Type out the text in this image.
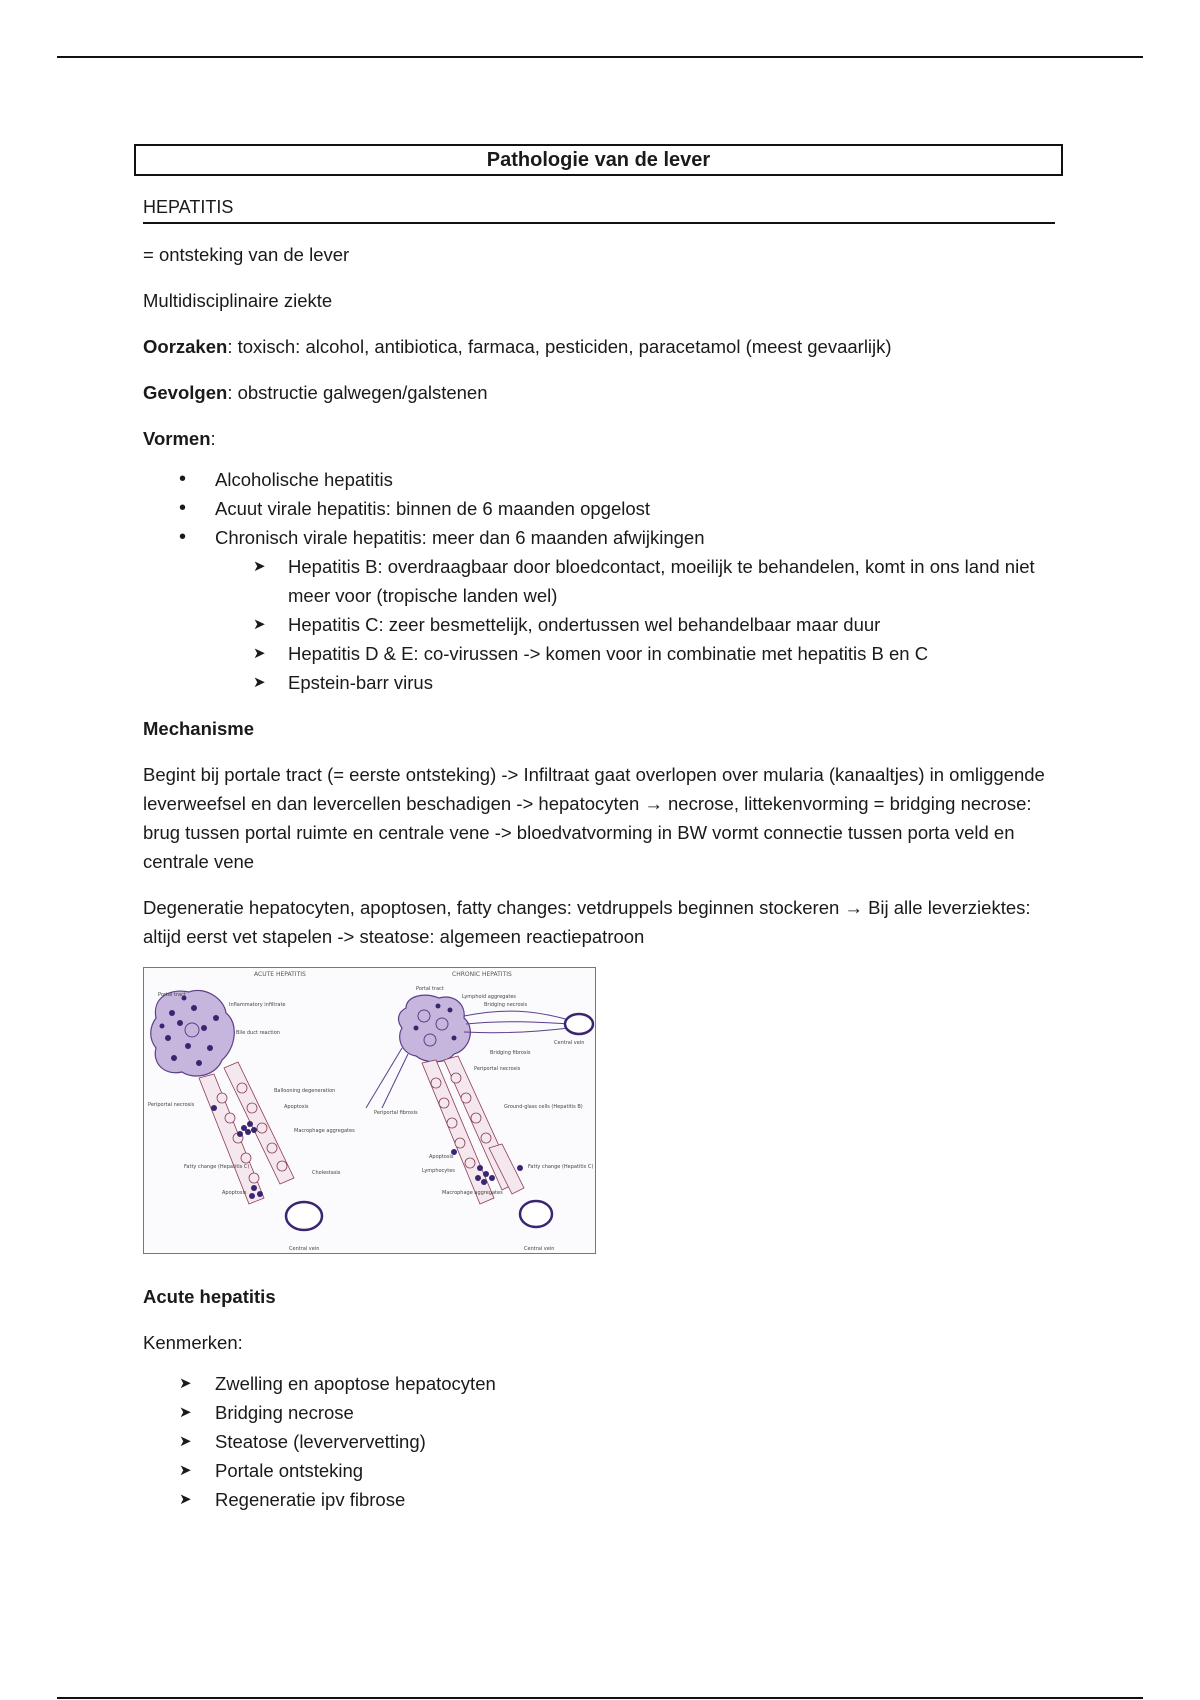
Pathologie van de lever
HEPATITIS

= ontsteking van de lever

Multidisciplinaire ziekte

Oorzaken: toxisch: alcohol, antibiotica, farmaca, pesticiden, paracetamol (meest gevaarlijk)

Gevolgen: obstructie galwegen/galstenen

Vormen:

• Alcoholische hepatitis
• Acuut virale hepatitis: binnen de 6 maanden opgelost
• Chronisch virale hepatitis: meer dan 6 maanden afwijkingen
➤ Hepatitis B: overdraagbaar door bloedcontact, moeilijk te behandelen, komt in ons land niet meer voor (tropische landen wel)
➤ Hepatitis C: zeer besmettelijk, ondertussen wel behandelbaar maar duur
➤ Hepatitis D & E: co-virussen -> komen voor in combinatie met hepatitis B en C
➤ Epstein-barr virus

Mechanisme

Begint bij portale tract (= eerste ontsteking) -> Infiltraat gaat overlopen over mularia (kanaaltjes) in omliggende leverweefsel en dan levercellen beschadigen -> hepatocyten → necrose, littekenvorming = bridging necrose: brug tussen portal ruimte en centrale vene -> bloedvatvorming in BW vormt connectie tussen porta veld en centrale vene

Degeneratie hepatocyten, apoptosen, fatty changes: vetdruppels beginnen stockeren → Bij alle leverziektes: altijd eerst vet stapelen -> steatose: algemeen reactiepatroon

ACUTE HEPATITIS	CHRONIC HEPATITIS
Portal tract
Inflammatory infiltrate
Bile duct reaction
Ballooning degeneration
Apoptosis
Periportal necrosis
Macrophage aggregates
Fatty change (Hepatitis C)
Cholestasis
Apoptosis
Central vein
Portal tract
Lymphoid aggregates
Bridging necrosis
Central vein
Bridging fibrosis
Periportal necrosis
Periportal fibrosis
Ground-glass cells (Hepatitis B)
Apoptosis
Lymphocytes
Fatty change (Hepatitis C)
Macrophage aggregates
Central vein

Acute hepatitis

Kenmerken:

➤ Zwelling en apoptose hepatocyten
➤ Bridging necrose
➤ Steatose (leververvetting)
➤ Portale ontsteking
➤ Regeneratie ipv fibrose
